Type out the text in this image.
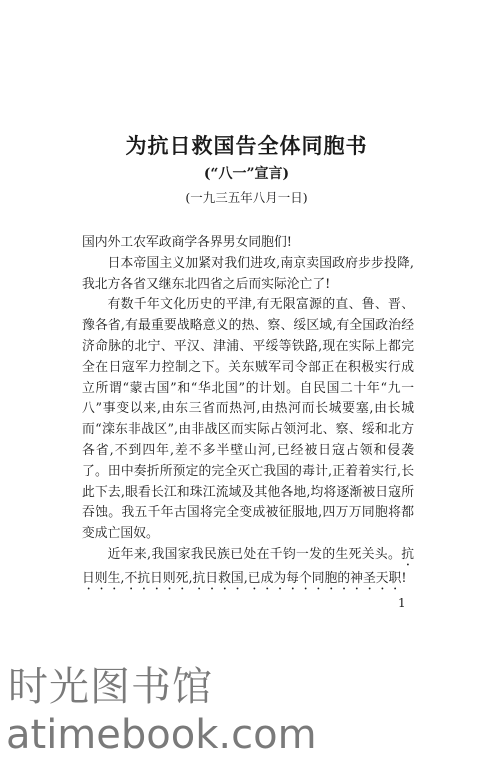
为抗日救国告全体同胞书
(“八一”宣言)
(一九三五年八月一日)

国内外工农军政商学各界男女同胞们!

日本帝国主义加紧对我们进攻,南京卖国政府步步投降,我北方各省又继东北四省之后而实际沦亡了!

有数千年文化历史的平津,有无限富源的直、鲁、晋、豫各省,有最重要战略意义的热、察、绥区域,有全国政治经济命脉的北宁、平汉、津浦、平绥等铁路,现在实际上都完全在日寇军力控制之下。关东贼军司令部正在积极实行成立所谓“蒙古国”和“华北国”的计划。自民国二十年“九一八”事变以来,由东三省而热河,由热河而长城要塞,由长城而“滦东非战区”,由非战区而实际占领河北、察、绥和北方各省,不到四年,差不多半壁山河,已经被日寇占领和侵袭了。田中奏折所预定的完全灭亡我国的毒计,正着着实行,长此下去,眼看长江和珠江流域及其他各地,均将逐渐被日寇所吞蚀。我五千年古国将完全变成被征服地,四万万同胞将都变成亡国奴。

近年来,我国家我民族已处在千钧一发的生死关头。抗日则生,不抗日则死,抗日救国,已成为每个同胞的神圣天职!

1
时光图书馆
atimebook.com
